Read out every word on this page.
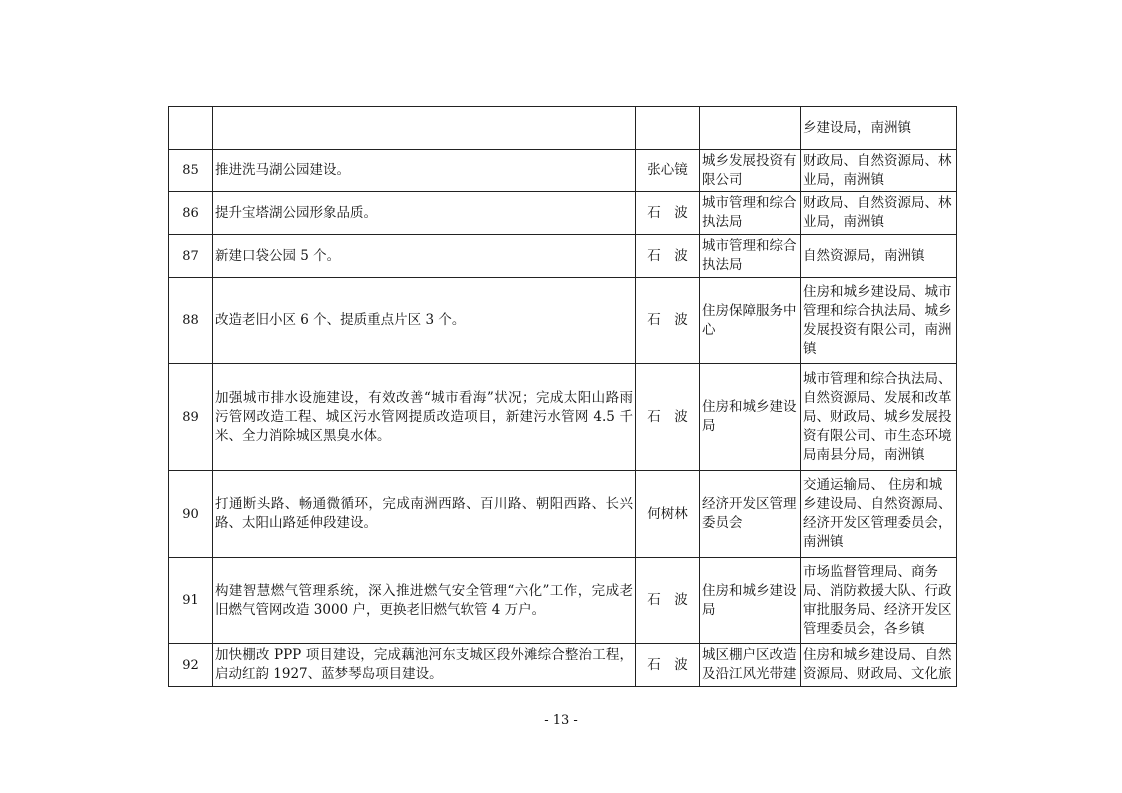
				乡建设局，南洲镇
85	推进洗马湖公园建设。	张心镜	城乡发展投资有限公司	财政局、自然资源局、林业局，南洲镇
86	提升宝塔湖公园形象品质。	石　波	城市管理和综合执法局	财政局、自然资源局、林业局，南洲镇
87	新建口袋公园 5 个。	石　波	城市管理和综合执法局	自然资源局，南洲镇
88	改造老旧小区 6 个、提质重点片区 3 个。	石　波	住房保障服务中心	住房和城乡建设局、城市管理和综合执法局、城乡发展投资有限公司，南洲镇
89	加强城市排水设施建设，有效改善“城市看海”状况；完成太阳山路雨污管网改造工程、城区污水管网提质改造项目，新建污水管网 4.5 千米、全力消除城区黑臭水体。	石　波	住房和城乡建设局	城市管理和综合执法局、自然资源局、发展和改革局、财政局、城乡发展投资有限公司、市生态环境局南县分局，南洲镇
90	打通断头路、畅通微循环，完成南洲西路、百川路、朝阳西路、长兴路、太阳山路延伸段建设。	何树林	经济开发区管理委员会	交通运输局、 住房和城乡建设局、自然资源局、经济开发区管理委员会，南洲镇
91	构建智慧燃气管理系统，深入推进燃气安全管理“六化”工作，完成老旧燃气管网改造 3000 户，更换老旧燃气软管 4 万户。	石　波	住房和城乡建设局	市场监督管理局、商务局、消防救援大队、行政审批服务局、经济开发区管理委员会，各乡镇
92	加快棚改 PPP 项目建设，完成藕池河东支城区段外滩综合整治工程，启动红韵 1927、蓝梦琴岛项目建设。	石　波	城区棚户区改造及沿江风光带建	住房和城乡建设局、自然资源局、财政局、文化旅
- 13 -
